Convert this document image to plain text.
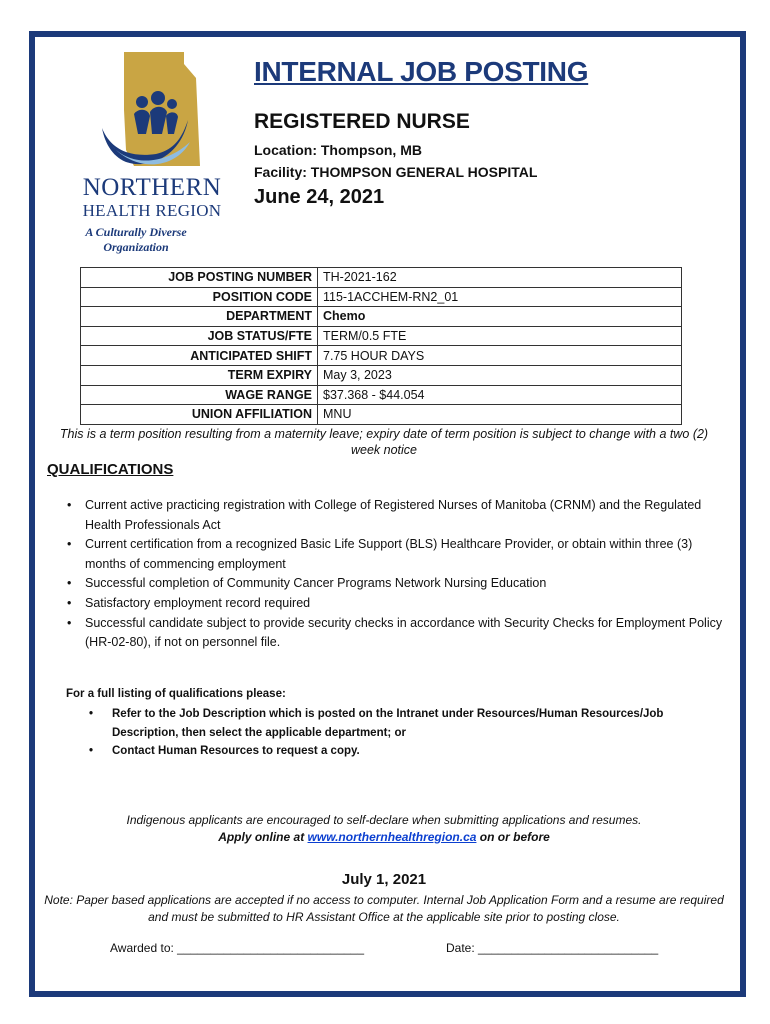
NORTHERN
HEALTH REGION
A Culturally Diverse
Organization
INTERNAL JOB POSTING
REGISTERED NURSE
Location: Thompson, MB
Facility: THOMPSON GENERAL HOSPITAL
June 24, 2021
JOB POSTING NUMBER	TH-2021-162
POSITION CODE	115-1ACCHEM-RN2_01
DEPARTMENT	Chemo
JOB STATUS/FTE	TERM/0.5 FTE
ANTICIPATED SHIFT	7.75 HOUR DAYS
TERM EXPIRY	May 3, 2023
WAGE RANGE	$37.368 - $44.054
UNION AFFILIATION	MNU
This is a term position resulting from a maternity leave; expiry date of term position is subject to change with a two (2) week notice
QUALIFICATIONS
• Current active practicing registration with College of Registered Nurses of Manitoba (CRNM) and the Regulated Health Professionals Act
• Current certification from a recognized Basic Life Support (BLS) Healthcare Provider, or obtain within three (3) months of commencing employment
• Successful completion of Community Cancer Programs Network Nursing Education
• Satisfactory employment record required
• Successful candidate subject to provide security checks in accordance with Security Checks for Employment Policy (HR-02-80), if not on personnel file.
For a full listing of qualifications please:
• Refer to the Job Description which is posted on the Intranet under Resources/Human Resources/Job Description, then select the applicable department; or
• Contact Human Resources to request a copy.
Indigenous applicants are encouraged to self-declare when submitting applications and resumes.
Apply online at www.northernhealthregion.ca on or before
July 1, 2021
Note: Paper based applications are accepted if no access to computer. Internal Job Application Form and a resume are required and must be submitted to HR Assistant Office at the applicable site prior to posting close.
Awarded to: ____________________________	Date: ___________________________
